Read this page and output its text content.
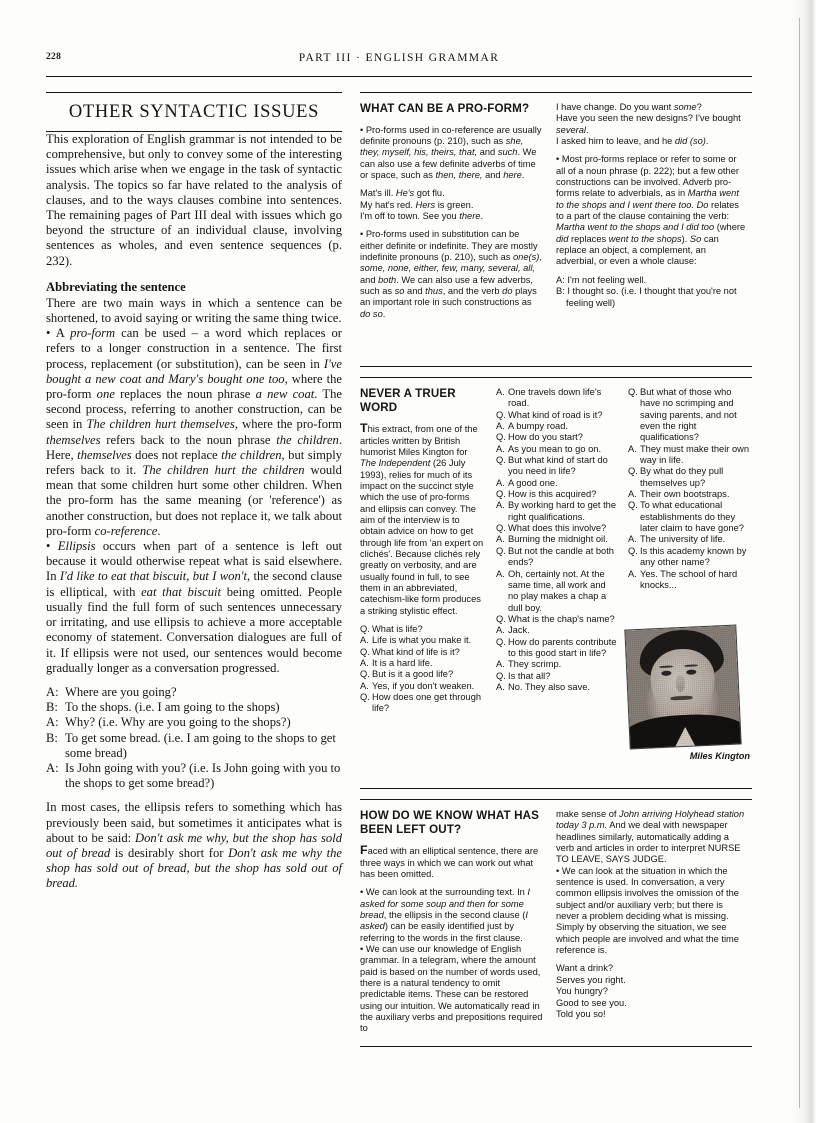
228	PART III · ENGLISH GRAMMAR
OTHER SYNTACTIC ISSUES

This exploration of English grammar is not intended to be comprehensive, but only to convey some of the interesting issues which arise when we engage in the task of syntactic analysis. The topics so far have related to the analysis of clauses, and to the ways clauses combine into sentences. The remaining pages of Part III deal with issues which go beyond the structure of an individual clause, involving sentences as wholes, and even sentence sequences (p. 232).

Abbreviating the sentence

There are two main ways in which a sentence can be shortened, to avoid saying or writing the same thing twice.

• A pro-form can be used – a word which replaces or refers to a longer construction in a sentence. The first process, replacement (or substitution), can be seen in I've bought a new coat and Mary's bought one too, where the pro-form one replaces the noun phrase a new coat. The second process, referring to another construction, can be seen in The children hurt themselves, where the pro-form themselves refers back to the noun phrase the children. Here, themselves does not replace the children, but simply refers back to it. The children hurt the children would mean that some children hurt some other children. When the pro-form has the same meaning (or 'reference') as another construction, but does not replace it, we talk about pro-form co-reference.

• Ellipsis occurs when part of a sentence is left out because it would otherwise repeat what is said elsewhere. In I'd like to eat that biscuit, but I won't, the second clause is elliptical, with eat that biscuit being omitted. People usually find the full form of such sentences unnecessary or irritating, and use ellipsis to achieve a more acceptable economy of statement. Conversation dialogues are full of it. If ellipsis were not used, our sentences would become gradually longer as a conversation progressed.

A: Where are you going?
B: To the shops. (i.e. I am going to the shops)
A: Why? (i.e. Why are you going to the shops?)
B: To get some bread. (i.e. I am going to the shops to get some bread)
A: Is John going with you? (i.e. Is John going with you to the shops to get some bread?)

In most cases, the ellipsis refers to something which has previously been said, but sometimes it anticipates what is about to be said: Don't ask me why, but the shop has sold out of bread is desirably short for Don't ask me why the shop has sold out of bread, but the shop has sold out of bread.

WHAT CAN BE A PRO-FORM?

• Pro-forms used in co-reference are usually definite pronouns (p. 210), such as she, they, myself, his, theirs, that, and such. We can also use a few definite adverbs of time or space, such as then, there, and here.

Mat's ill. He's got flu.

My hat's red. Hers is green.

I'm off to town. See you there.

• Pro-forms used in substitution can be either definite or indefinite. They are mostly indefinite pronouns (p. 210), such as one(s), some, none, either, few, many, several, all, and both. We can also use a few adverbs, such as so and thus, and the verb do plays an important role in such constructions as do so.

I have change. Do you want some?

Have you seen the new designs? I've bought several.

I asked him to leave, and he did (so).

• Most pro-forms replace or refer to some or all of a noun phrase (p. 222); but a few other constructions can be involved. Adverb pro-forms relate to adverbials, as in Martha went to the shops and I went there too. Do relates to a part of the clause containing the verb: Martha went to the shops and I did too (where did replaces went to the shops). So can replace an object, a complement, an adverbial, or even a whole clause:

A: I'm not feeling well.

B: I thought so. (i.e. I thought that you're not feeling well)

NEVER A TRUER WORD

This extract, from one of the articles written by British humorist Miles Kington for The Independent (26 July 1993), relies for much of its impact on the succinct style which the use of pro-forms and ellipsis can convey. The aim of the interview is to obtain advice on how to get through life from 'an expert on clichés'. Because clichés rely greatly on verbosity, and are usually found in full, to see them in an abbreviated, catechism-like form produces a striking stylistic effect.

Q. What is life?
A. Life is what you make it.
Q. What kind of life is it?
A. It is a hard life.
Q. But is it a good life?
A. Yes, if you don't weaken.
Q. How does one get through life?
A. One travels down life's road.
Q. What kind of road is it?
A. A bumpy road.
Q. How do you start?
A. As you mean to go on.
Q. But what kind of start do you need in life?
A. A good one.
Q. How is this acquired?
A. By working hard to get the right qualifications.
Q. What does this involve?
A. Burning the midnight oil.
Q. But not the candle at both ends?
A. Oh, certainly not. At the same time, all work and no play makes a chap a dull boy.
Q. What is the chap's name?
A. Jack.
Q. How do parents contribute to this good start in life?
A. They scrimp.
Q. Is that all?
A. No. They also save.
Q. But what of those who have no scrimping and saving parents, and not even the right qualifications?
A. They must make their own way in life.
Q. By what do they pull themselves up?
A. Their own bootstraps.
Q. To what educational establishments do they later claim to have gone?
A. The university of life.
Q. Is this academy known by any other name?
A. Yes. The school of hard knocks...
Miles Kington
HOW DO WE KNOW WHAT HAS BEEN LEFT OUT?

Faced with an elliptical sentence, there are three ways in which we can work out what has been omitted.

• We can look at the surrounding text. In I asked for some soup and then for some bread, the ellipsis in the second clause (I asked) can be easily identified just by referring to the words in the first clause.

• We can use our knowledge of English grammar. In a telegram, where the amount paid is based on the number of words used, there is a natural tendency to omit predictable items. These can be restored using our intuition. We automatically read in the auxiliary verbs and prepositions required to

make sense of John arriving Holyhead station today 3 p.m. And we deal with newspaper headlines similarly, automatically adding a verb and articles in order to interpret NURSE TO LEAVE, SAYS JUDGE.

• We can look at the situation in which the sentence is used. In conversation, a very common ellipsis involves the omission of the subject and/or auxiliary verb; but there is never a problem deciding what is missing. Simply by observing the situation, we see which people are involved and what the time reference is.

Want a drink?

Serves you right.

You hungry?

Good to see you.

Told you so!
